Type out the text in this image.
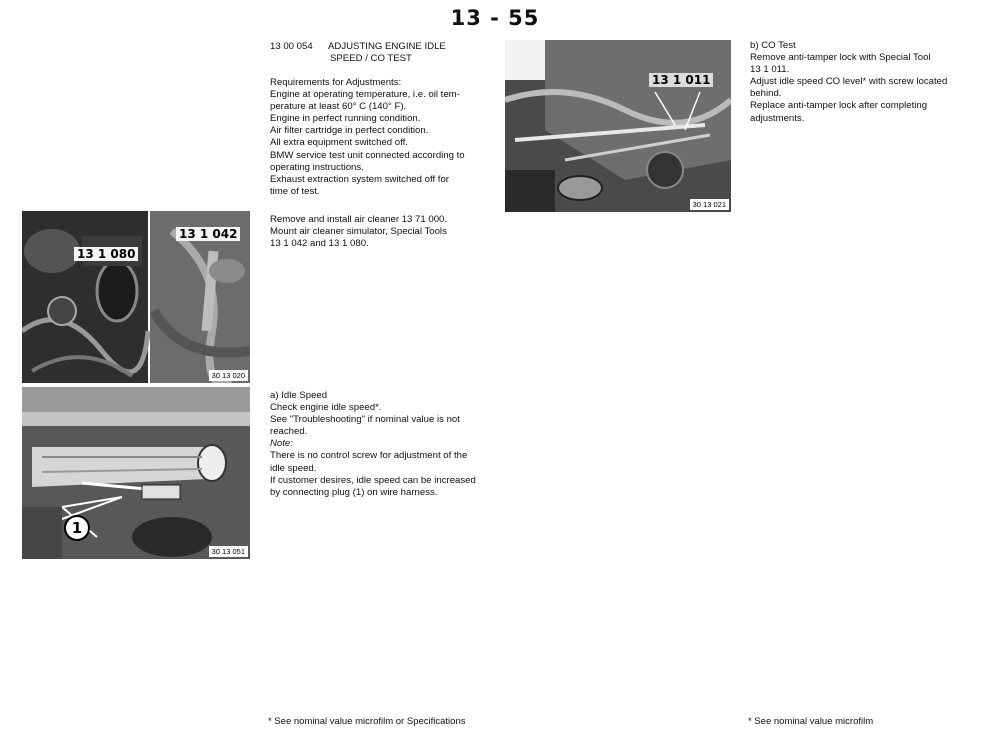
13 - 55
13 00 054 ADJUSTING ENGINE IDLE
SPEED / CO TEST
Requirements for Adjustments:
Engine at operating temperature, i.e. oil tem-
perature at least 60° C (140° F).
Engine in perfect running condition.
Air filter cartridge in perfect condition.
All extra equipment switched off.
BMW service test unit connected according to
operating instructions.
Exhaust extraction system switched off for
time of test.
Remove and install air cleaner 13 71 000.
Mount air cleaner simulator, Special Tools
13 1 042 and 13 1 080.
a) Idle Speed
Check engine idle speed*.
See "Troubleshooting" if nominal value is not
reached.
Note:
There is no control screw for adjustment of the
idle speed.
If customer desires, idle speed can be increased
by connecting plug (1) on wire harness.
b) CO Test
Remove anti-tamper lock with Special Tool
13 1 011.
Adjust idle speed CO level* with screw located
behind.
Replace anti-tamper lock after completing
adjustments.
13 1 080
13 1 042
30 13 020
1
30 13 051
13 1 011
30 13 021
* See nominal value microfilm or Specifications	* See nominal value microfilm
